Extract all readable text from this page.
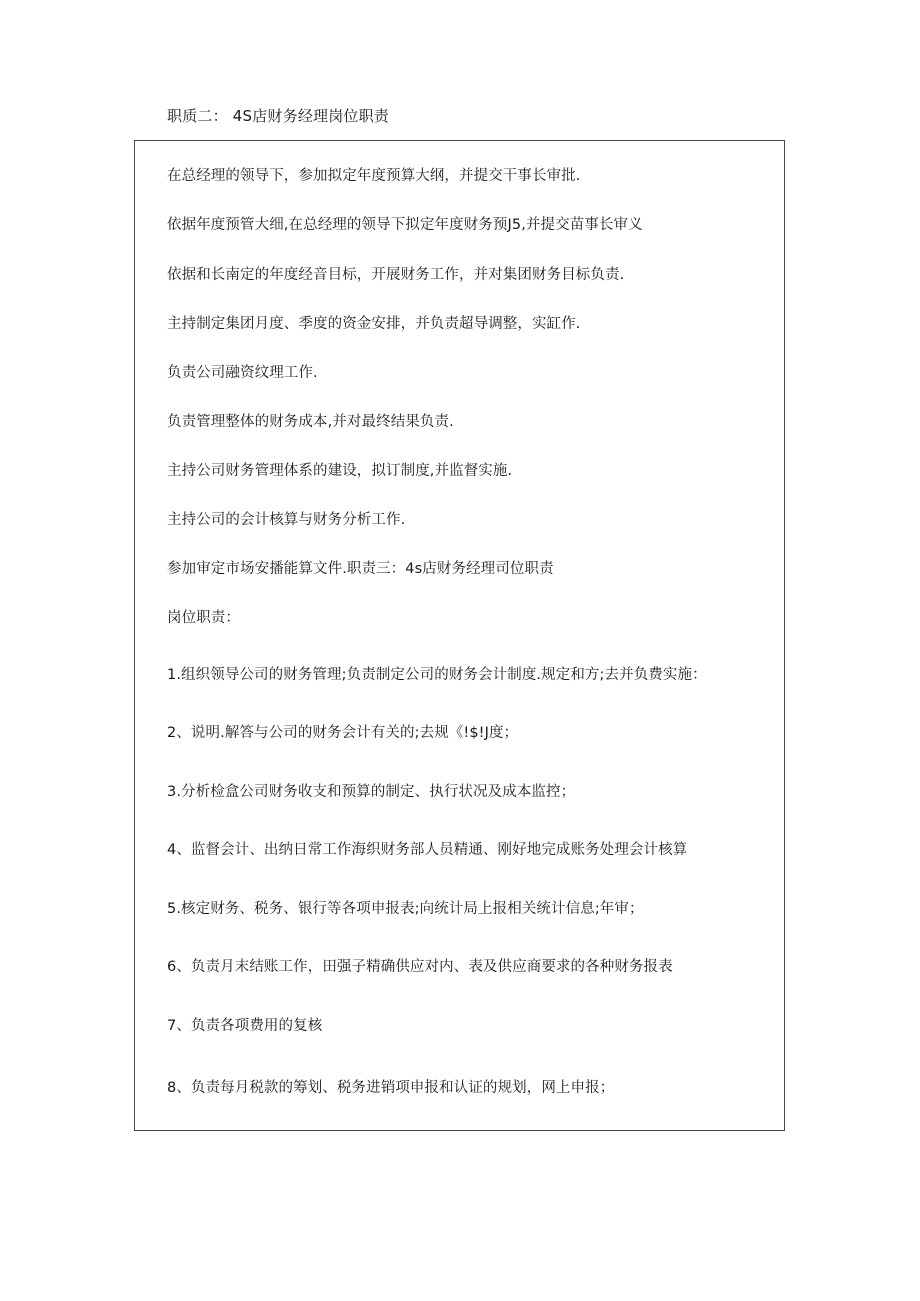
职质二： 4S店财务经理岗位职责
在总经理的领导下，参加拟定年度预算大纲，并提交干事长审批.
依据年度预管大细,在总经理的领导下拟定年度财务预J5,并提交苗事长审义
依据和长南定的年度经音目标，开展财务工作，并对集团财务目标负责.
主持制定集团月度、季度的资金安排，并负责超导调整，实缸作.
负责公司融资纹理工作.
负责管理整体的财务成本,并对最终结果负责.
主持公司财务管理体系的建设，拟订制度,并监督实施.
主持公司的会计核算与财务分析工作.
参加审定市场安播能算文件.职责三：4s店财务经理司位职责
岗位职责：
1.组织领导公司的财务管理;负责制定公司的财务会计制度.规定和方;去并负费实施：
2、说明.解答与公司的财务会计有关的;去规《!$!J度；
3.分析检盒公司财务收支和预算的制定、执行状况及成本监控；
4、监督会计、出纳日常工作海织财务部人员精通、刚好地完成账务处理会计核算
5.核定财务、税务、银行等各项申报表;向统计局上报相关统计信息;年审；
6、负责月末结账工作，田强子精确供应对内、表及供应商要求的各种财务报表
7、负责各项费用的复核
8、负责每月税款的筹划、税务进销项申报和认证的规划，网上申报；
